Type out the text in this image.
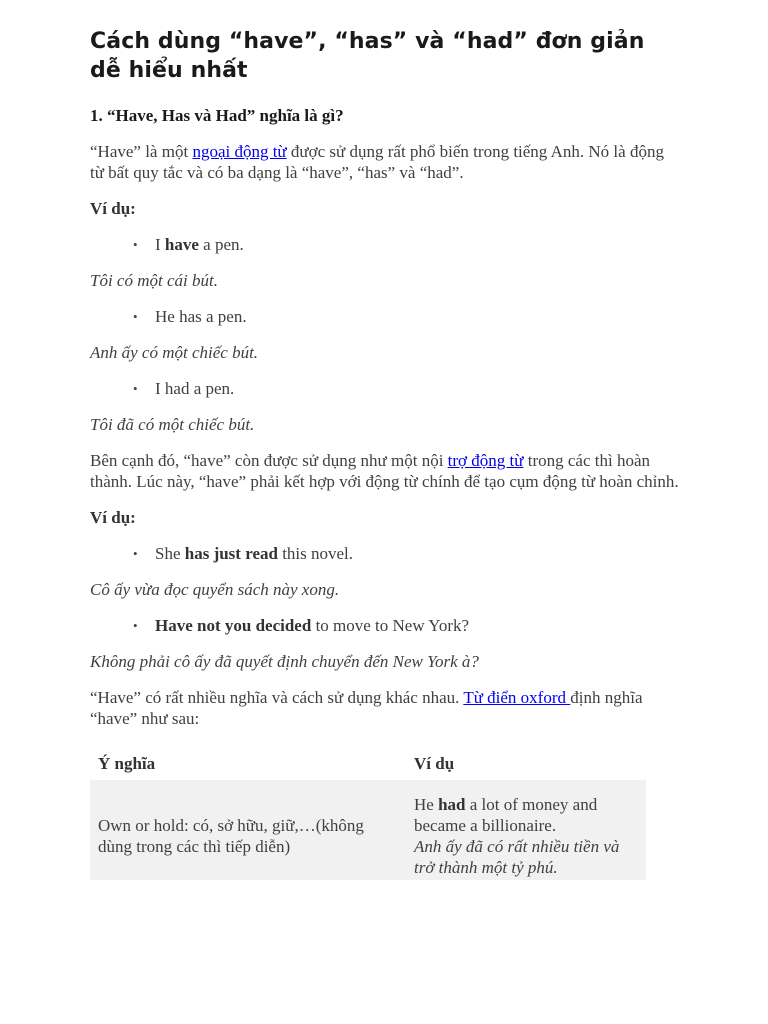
Cách dùng “have”, “has” và “had” đơn giản dễ hiểu nhất
1. “Have, Has và Had” nghĩa là gì?

“Have” là một ngoại động từ được sử dụng rất phổ biến trong tiếng Anh. Nó là động từ bất quy tắc và có ba dạng là “have”, “has” và “had”.

Ví dụ:

• I have a pen.

Tôi có một cái bút.

• He has a pen.

Anh ấy có một chiếc bút.

• I had a pen.

Tôi đã có một chiếc bút.

Bên cạnh đó, “have” còn được sử dụng như một nội trợ động từ trong các thì hoàn thành. Lúc này, “have” phải kết hợp với động từ chính để tạo cụm động từ hoàn chỉnh.

Ví dụ:

• She has just read this novel.

Cô ấy vừa đọc quyển sách này xong.

• Have not you decided to move to New York?

Không phải cô ấy đã quyết định chuyển đến New York à?

“Have” có rất nhiều nghĩa và cách sử dụng khác nhau. Từ điển oxford định nghĩa “have” như sau:

Ý nghĩa	Ví dụ
Own or hold: có, sở hữu, giữ,…(không dùng trong các thì tiếp diễn)	He had a lot of money and became a billionaire.
Anh ấy đã có rất nhiều tiền và trở thành một tỷ phú.
